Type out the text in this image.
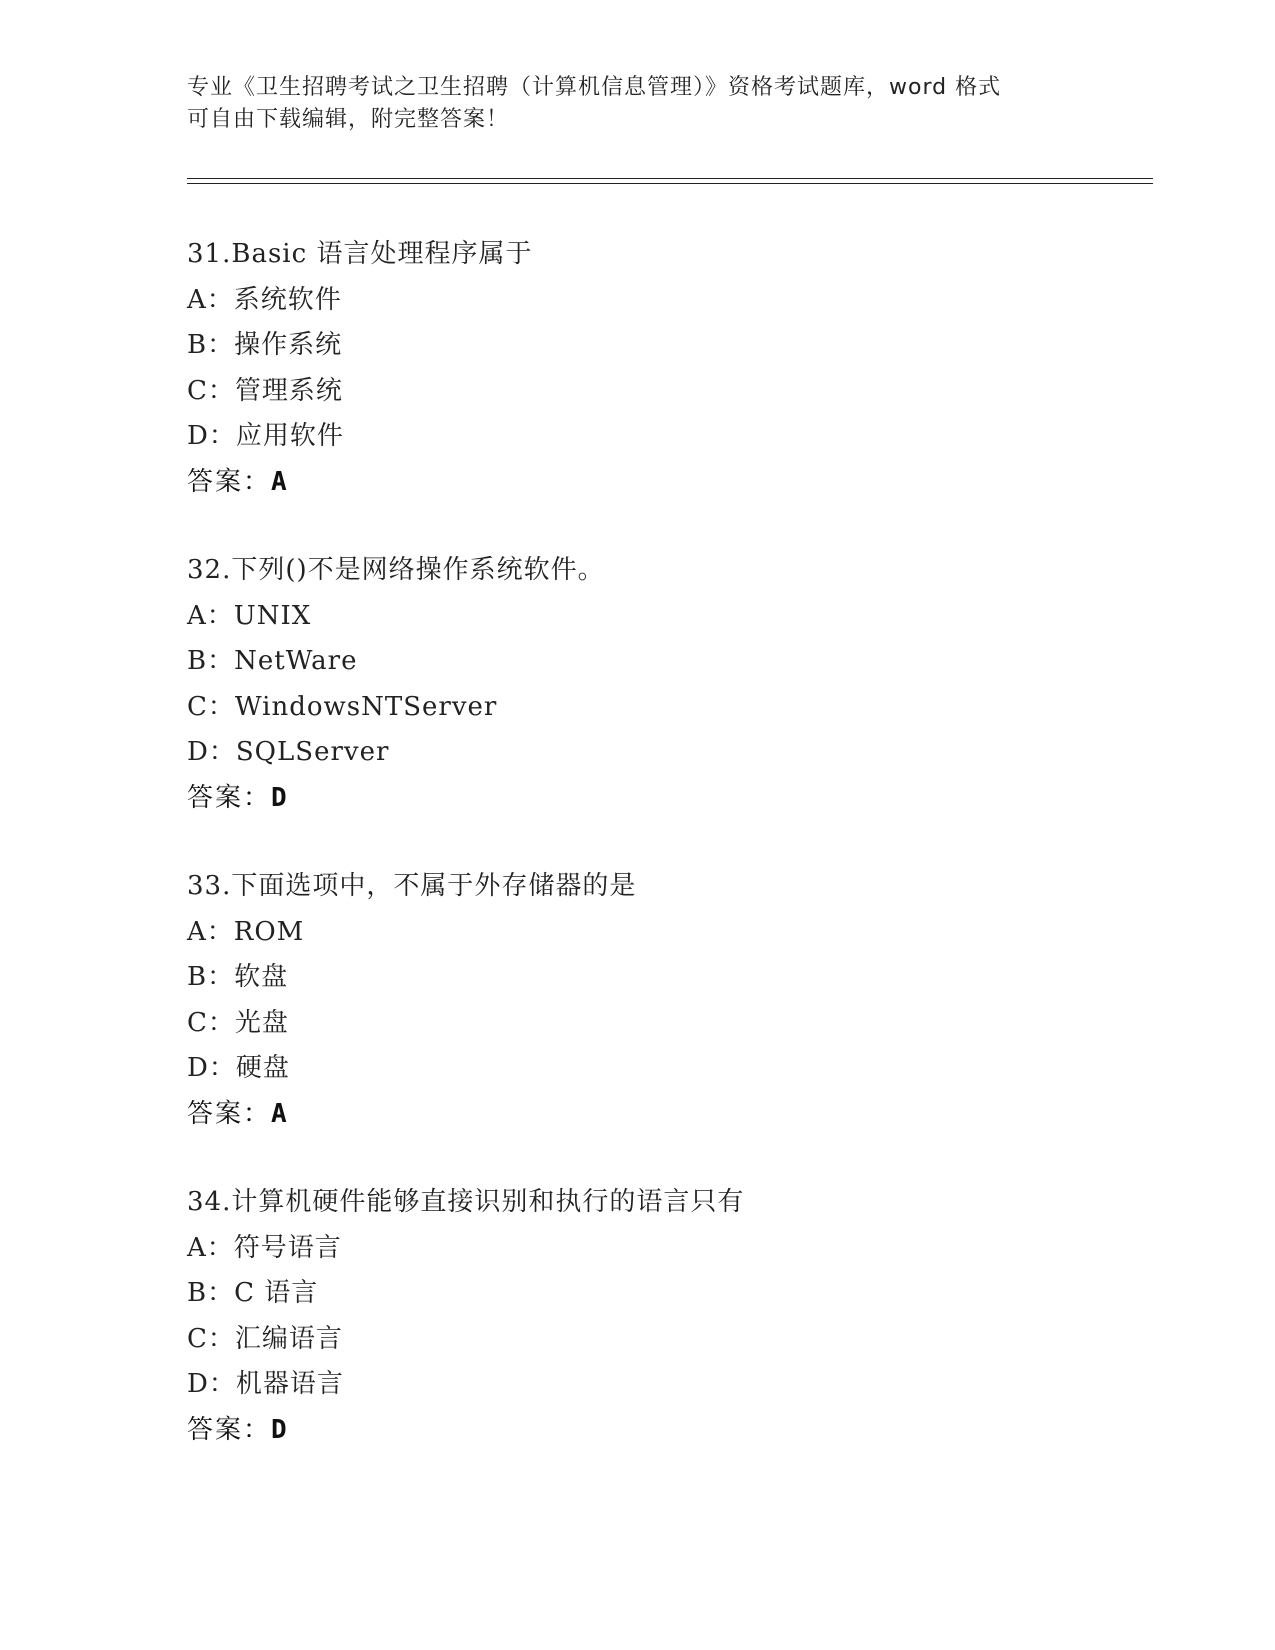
专业《卫生招聘考试之卫生招聘（计算机信息管理）》资格考试题库，word 格式
可自由下载编辑，附完整答案！
31.Basic 语言处理程序属于
A：系统软件
B：操作系统
C：管理系统
D：应用软件
答案：A
32.下列()不是网络操作系统软件。
A：UNIX
B：NetWare
C：WindowsNTServer
D：SQLServer
答案：D
33.下面选项中，不属于外存储器的是
A：ROM
B：软盘
C：光盘
D：硬盘
答案：A
34.计算机硬件能够直接识别和执行的语言只有
A：符号语言
B：C 语言
C：汇编语言
D：机器语言
答案：D
